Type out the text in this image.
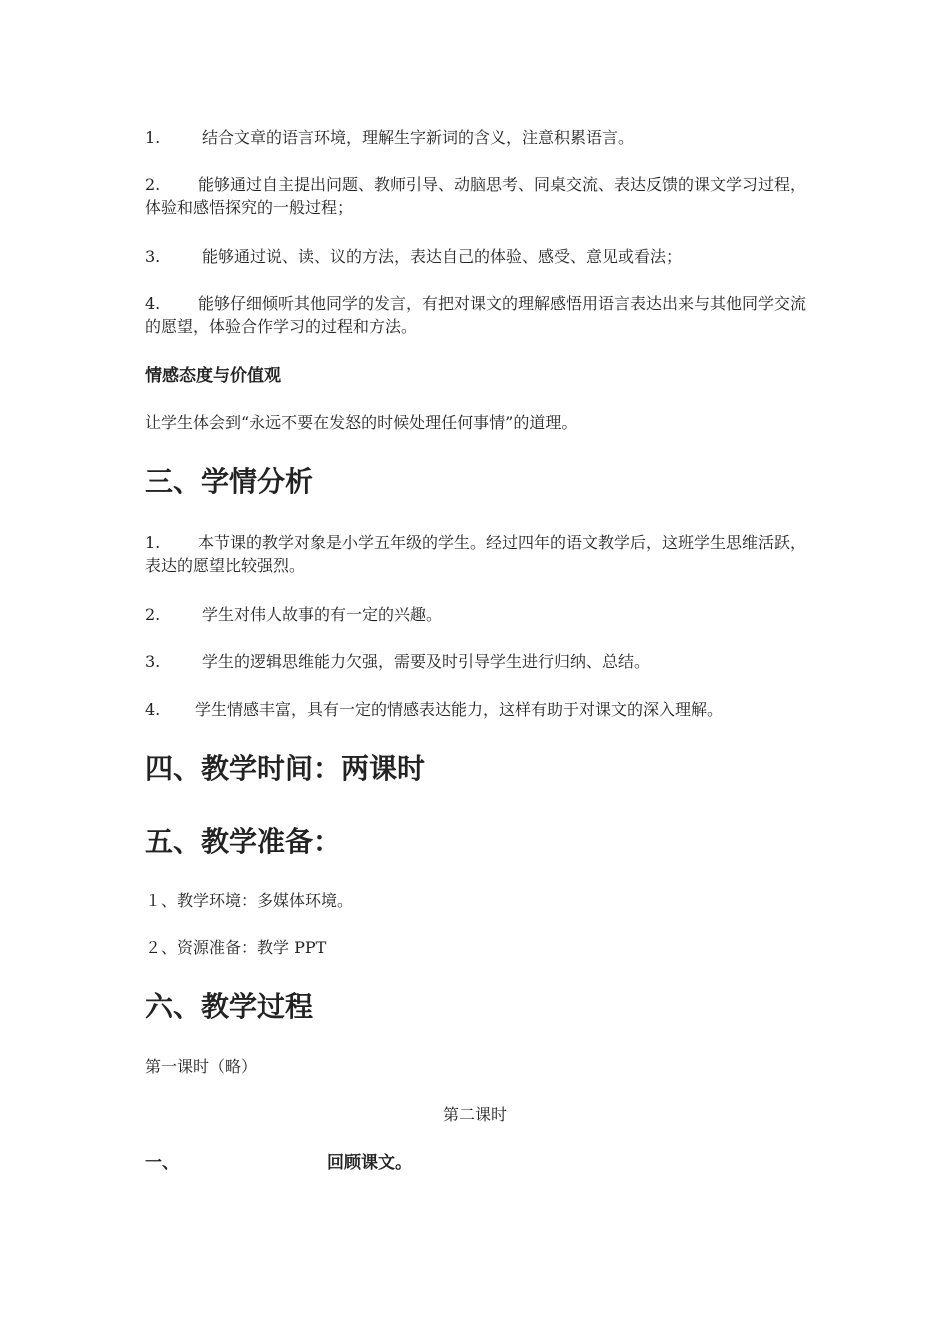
1.	结合文章的语言环境，理解生字新词的含义，注意积累语言。
2. 能够通过自主提出问题、教师引导、动脑思考、同桌交流、表达反馈的课文学习过程，体验和感悟探究的一般过程；
3.	能够通过说、读、议的方法，表达自己的体验、感受、意见或看法；
4. 能够仔细倾听其他同学的发言，有把对课文的理解感悟用语言表达出来与其他同学交流的愿望，体验合作学习的过程和方法。
情感态度与价值观
让学生体会到“永远不要在发怒的时候处理任何事情”的道理。
三、学情分析
1. 本节课的教学对象是小学五年级的学生。经过四年的语文教学后，这班学生思维活跃，表达的愿望比较强烈。
2.	学生对伟人故事的有一定的兴趣。
3.	学生的逻辑思维能力欠强，需要及时引导学生进行归纳、总结。
4. 学生情感丰富，具有一定的情感表达能力，这样有助于对课文的深入理解。
四、教学时间：两课时
五、教学准备：
１、教学环境：多媒体环境。
２、资源准备：教学 PPT
六、教学过程
第一课时（略）
第二课时
一、	回顾课文。
